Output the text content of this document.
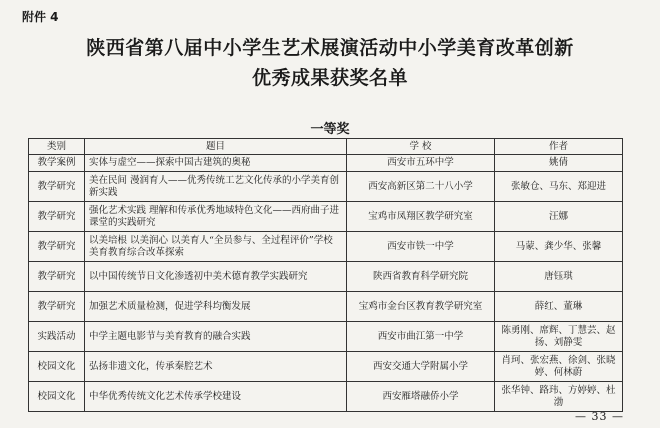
附件 4
陕西省第八届中小学生艺术展演活动中小学美育改革创新
优秀成果获奖名单
一等奖
类别	题目	学 校	作者
教学案例	实体与虚空——探索中国古建筑的奥秘	西安市五环中学	姚倩
教学研究	美在民间 漫润育人——优秀传统工艺文化传承的小学美育创新实践	西安高新区第二十八小学	张敏仓、马东、郑迎进
教学研究	强化艺术实践 理解和传承优秀地域特色文化——西府曲子进课堂的实践研究	宝鸡市凤翔区教学研究室	汪娜
教学研究	以美培根 以美润心 以美育人“全员参与、全过程评价”学校美育教育综合改革探索	西安市铁一中学	马蒙、龚少华、张馨
教学研究	以中国传统节日文化渗透初中美术德育教学实践研究	陕西省教育科学研究院	唐钰琪
教学研究	加强艺术质量检测，促进学科均衡发展	宝鸡市金台区教育教学研究室	薛红、董琳
实践活动	中学主题电影节与美育教育的融合实践	西安市曲江第一中学	陈勇刚、席辉、丁慧芸、赵扬、刘静雯
校园文化	弘扬非遗文化，传承秦腔艺术	西安交通大学附属小学	肖珂、张宏燕、徐剑、张晓婷、何林蔚
校园文化	中华优秀传统文化艺术传承学校建设	西安雁塔融侨小学	张华钟、路玮、方婷婷、杜渤
— 33 —
